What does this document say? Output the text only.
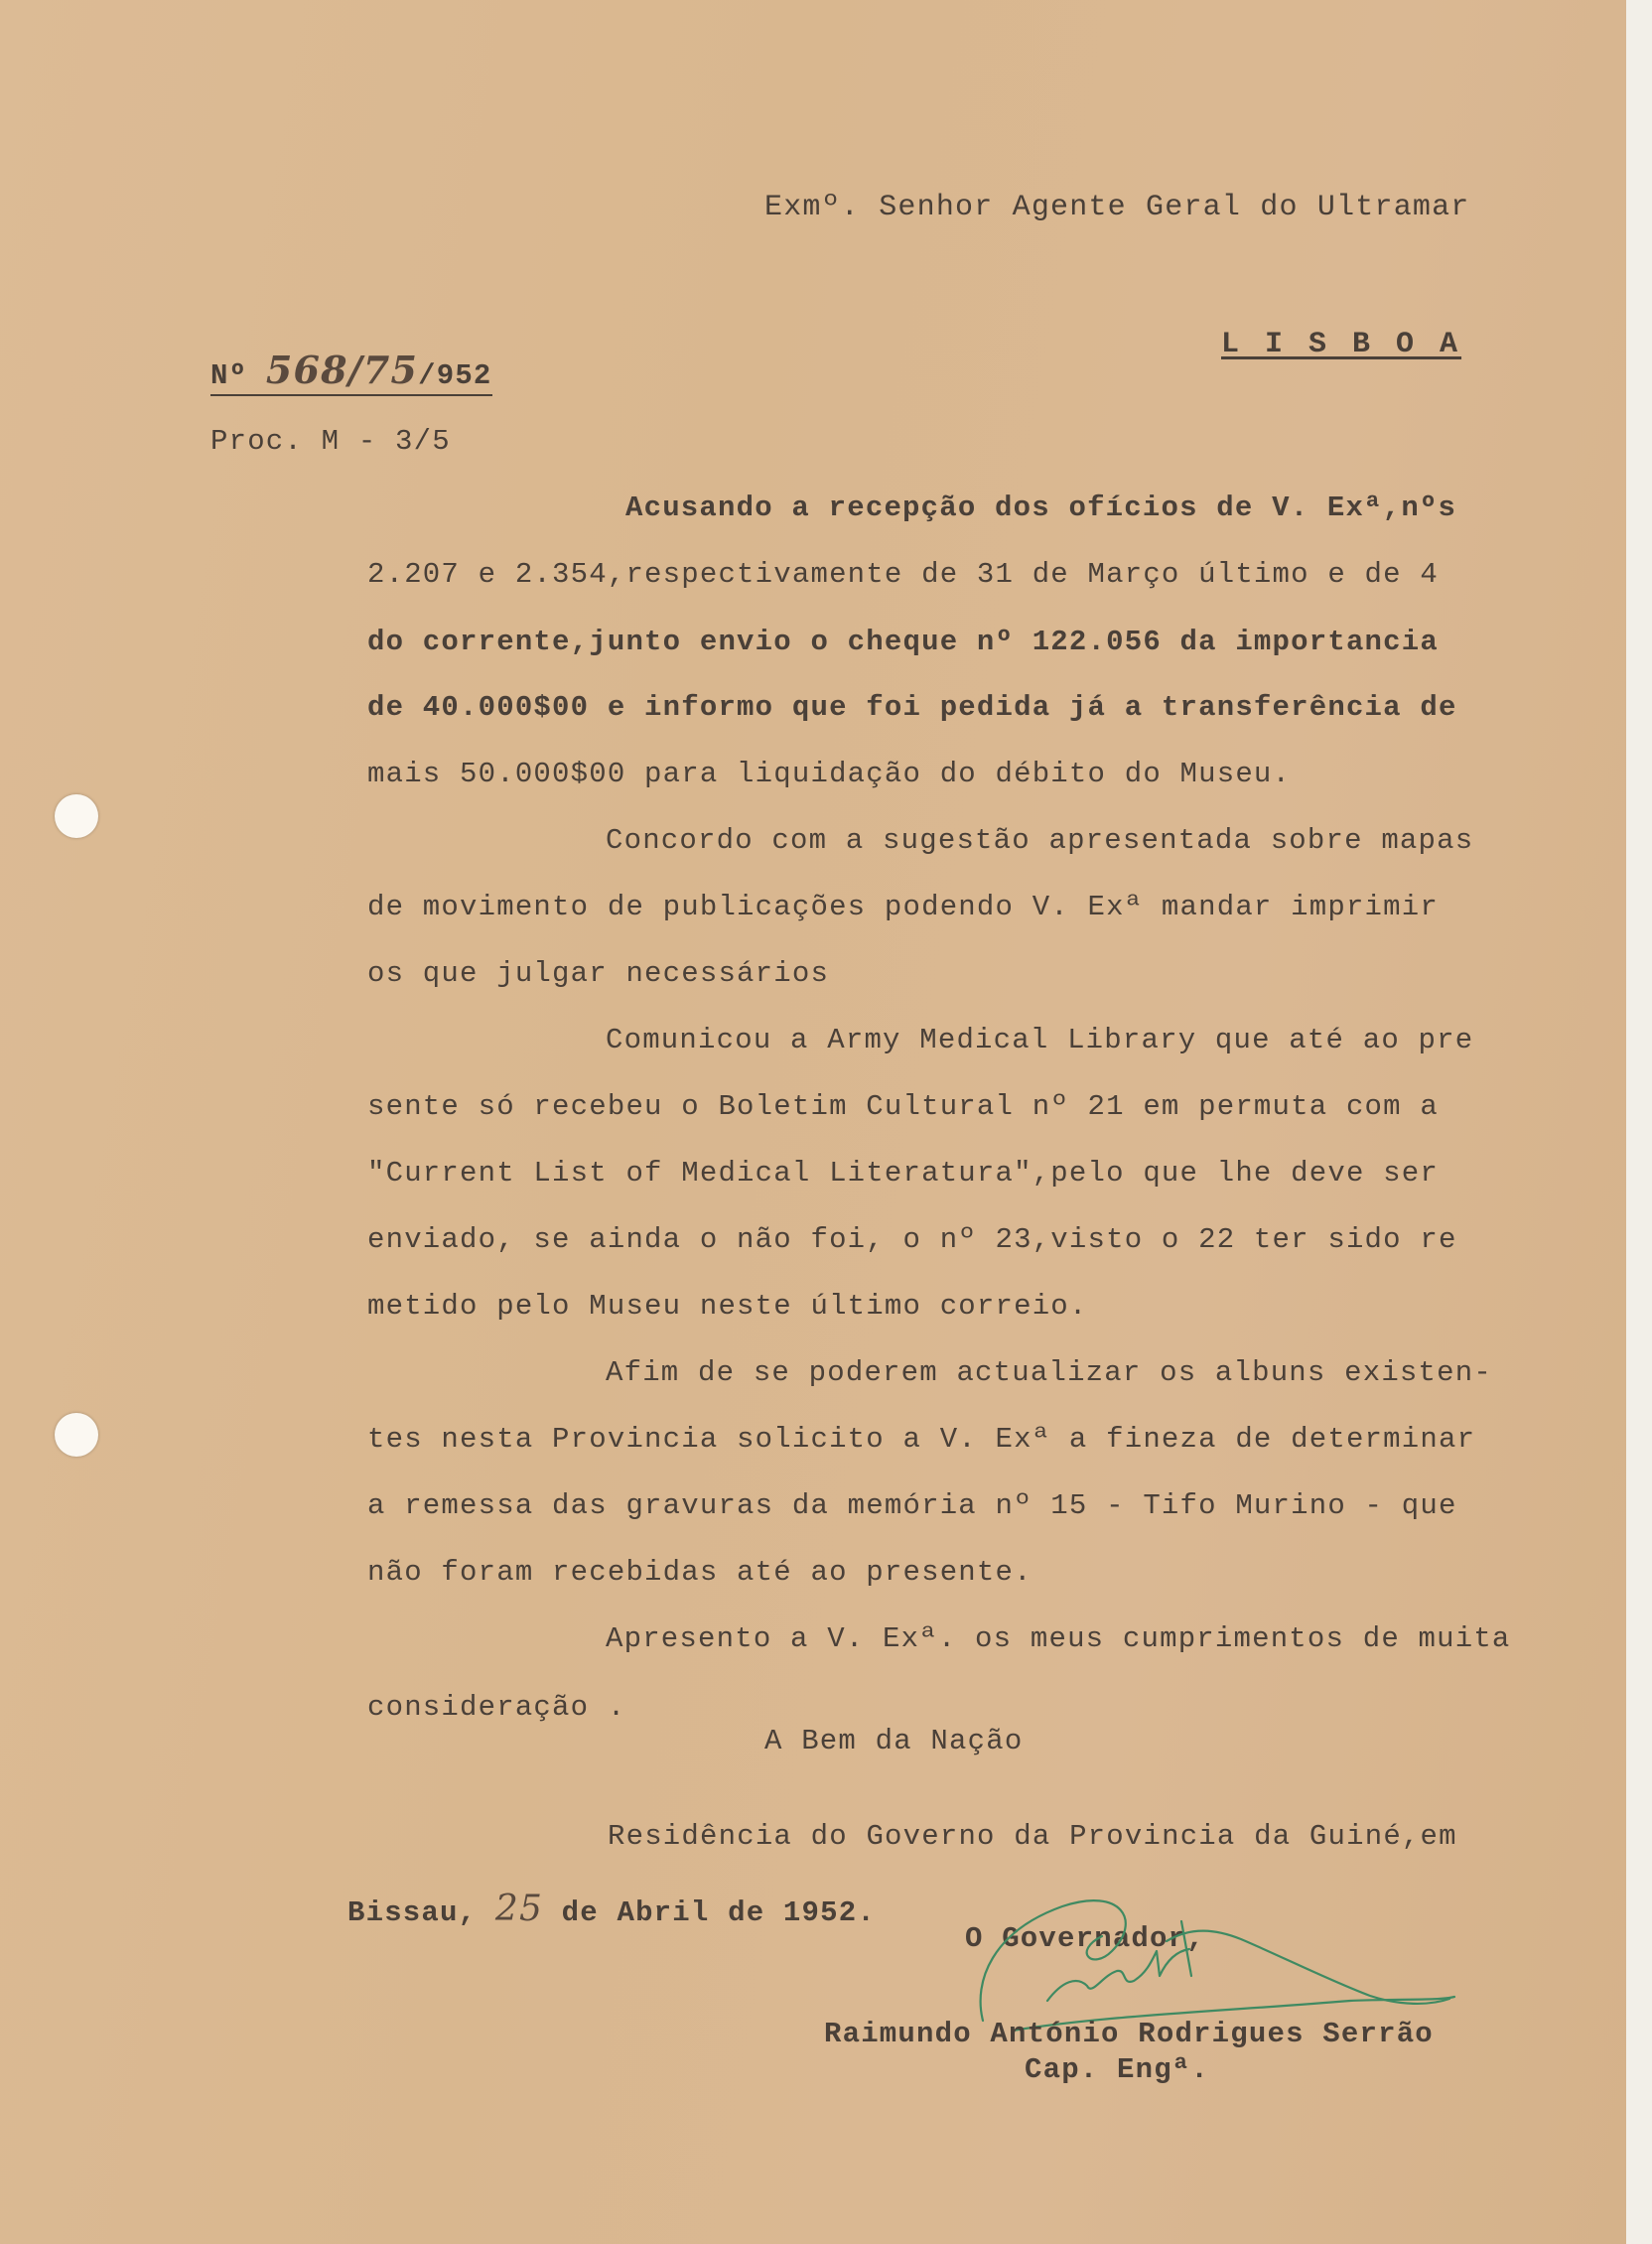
Exmº. Senhor Agente Geral do Ultramar
L I S B O A
Nº 568/75/952
Proc. M - 3/5
Acusando a recepção dos ofícios de V. Exª,nºs
2.207 e 2.354,respectivamente de 31 de Março último e de 4
do corrente,junto envio o cheque nº 122.056 da importancia
de 40.000$00 e informo que foi pedida já a transferência de
mais 50.000$00 para liquidação do débito do Museu.
Concordo com a sugestão apresentada sobre mapas
de movimento de publicações podendo V. Exª mandar imprimir
os que julgar necessários
Comunicou a Army Medical Library que até ao pre
sente só recebeu o Boletim Cultural nº 21 em permuta com a
"Current List of Medical Literatura",pelo que lhe deve ser
enviado, se ainda o não foi, o nº 23,visto o 22 ter sido re
metido pelo Museu neste último correio.
Afim de se poderem actualizar os albuns existen-
tes nesta Provincia solicito a V. Exª a fineza de determinar
a remessa das gravuras da memória nº 15 - Tifo Murino - que
não foram recebidas até ao presente.
Apresento a V. Exª. os meus cumprimentos de muita
consideração .
A Bem da Nação
Residência do Governo da Provincia da Guiné,em
Bissau, 25 de Abril de 1952.
O Governador,
Raimundo António Rodrigues Serrão
Cap. Engª.
